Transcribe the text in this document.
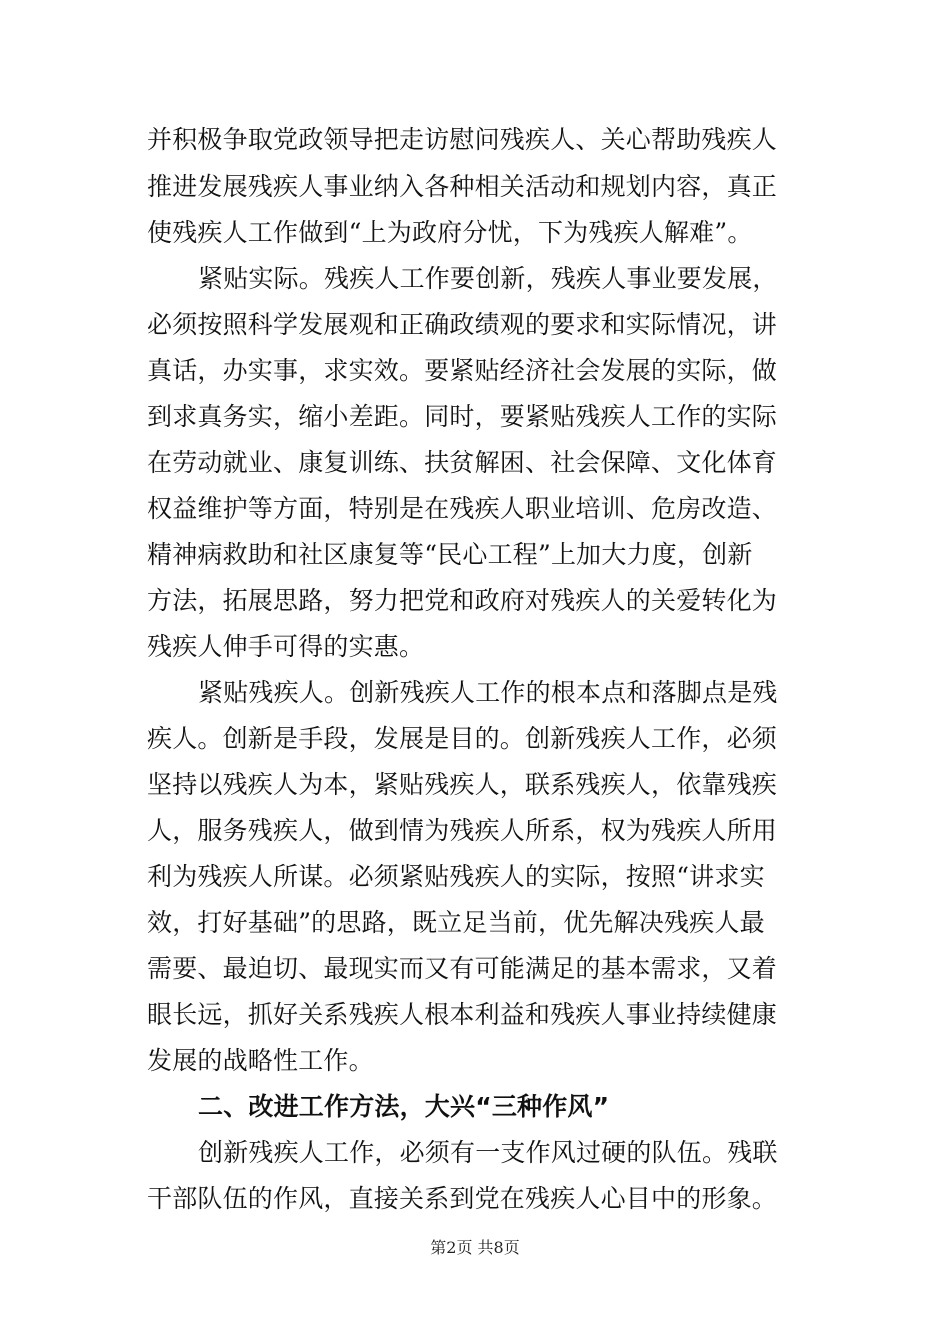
并积极争取党政领导把走访慰问残疾人、关心帮助残疾人
推进发展残疾人事业纳入各种相关活动和规划内容，真正
使残疾人工作做到“上为政府分忧，下为残疾人解难”。
紧贴实际。残疾人工作要创新，残疾人事业要发展，
必须按照科学发展观和正确政绩观的要求和实际情况，讲
真话，办实事，求实效。要紧贴经济社会发展的实际，做
到求真务实，缩小差距。同时，要紧贴残疾人工作的实际
在劳动就业、康复训练、扶贫解困、社会保障、文化体育
权益维护等方面，特别是在残疾人职业培训、危房改造、
精神病救助和社区康复等“民心工程”上加大力度，创新
方法，拓展思路，努力把党和政府对残疾人的关爱转化为
残疾人伸手可得的实惠。
紧贴残疾人。创新残疾人工作的根本点和落脚点是残
疾人。创新是手段，发展是目的。创新残疾人工作，必须
坚持以残疾人为本，紧贴残疾人，联系残疾人，依靠残疾
人，服务残疾人，做到情为残疾人所系，权为残疾人所用
利为残疾人所谋。必须紧贴残疾人的实际，按照“讲求实
效，打好基础”的思路，既立足当前，优先解决残疾人最
需要、最迫切、最现实而又有可能满足的基本需求，又着
眼长远，抓好关系残疾人根本利益和残疾人事业持续健康
发展的战略性工作。
二、改进工作方法，大兴“三种作风”
创新残疾人工作，必须有一支作风过硬的队伍。残联
干部队伍的作风，直接关系到党在残疾人心目中的形象。
第2页 共8页
